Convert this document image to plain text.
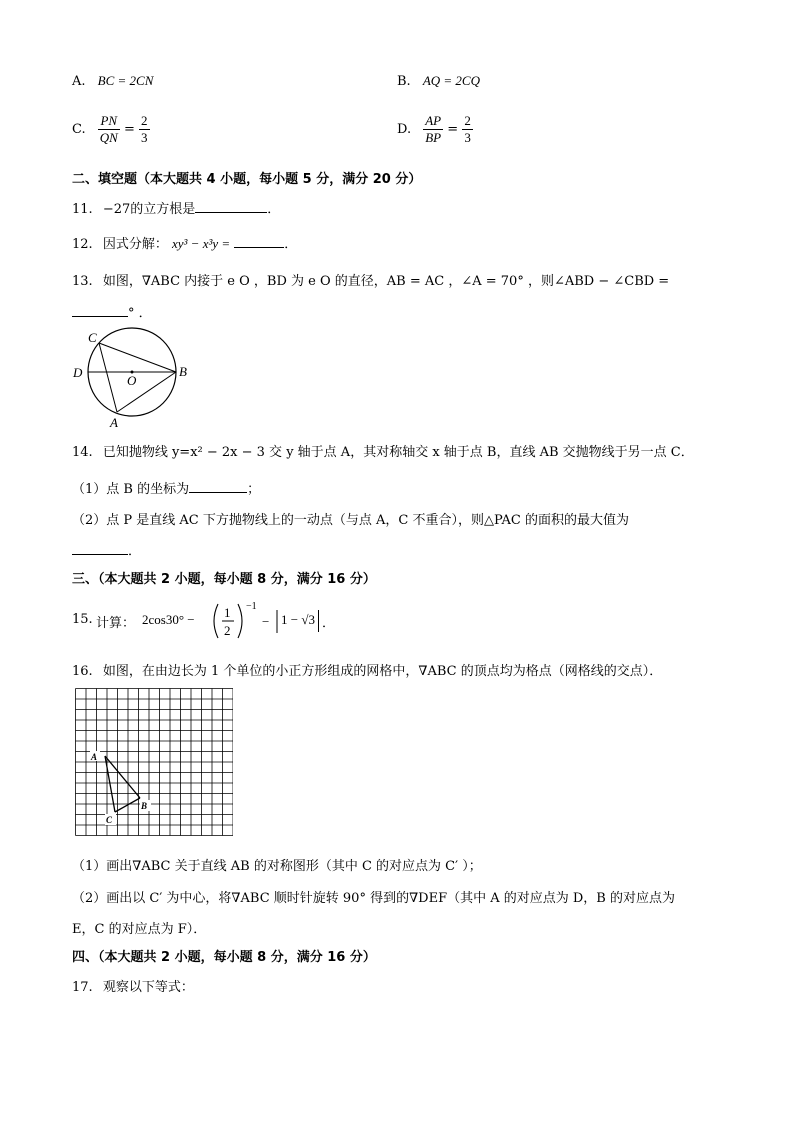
A. BC = 2CN	B. AQ = 2CQ
C. $\frac{PN}{QN} = \frac{2}{3}$	D. $\frac{AP}{BP} = \frac{2}{3}$
二、填空题（本大题共 4 小题，每小题 5 分，满分 20 分）
11. −27的立方根是	．
12. 因式分解： xy³ − x³y =	．
13. 如图，∇ABC 内接于 e O ，BD 为 e O 的直径，AB = AC ，∠A = 70° ，则∠ABD − ∠CBD =
° ．
C
D
O
B
A
14. 已知抛物线 y=x² − 2x − 3 交 y 轴于点 A，其对称轴交 x 轴于点 B，直线 AB 交抛物线于另一点 C．
（1）点 B 的坐标为	；
（2）点 P 是直线 AC 下方抛物线上的一动点（与点 A，C 不重合），则△PAC 的面积的最大值为
．
三、（本大题共 2 小题，每小题 8 分，满分 16 分）
15. 计算： 2cos30° − 1
2
−1
− 1 − √3 ．
16. 如图，在由边长为 1 个单位的小正方形组成的网格中，∇ABC 的顶点均为格点（网格线的交点）．
A
B
C
（1）画出∇ABC 关于直线 AB 的对称图形（其中 C 的对应点为 C′ ）；
（2）画出以 C′ 为中心，将∇ABC 顺时针旋转 90° 得到的∇DEF（其中 A 的对应点为 D，B 的对应点为
E，C 的对应点为 F）．
四、（本大题共 2 小题，每小题 8 分，满分 16 分）
17. 观察以下等式：
